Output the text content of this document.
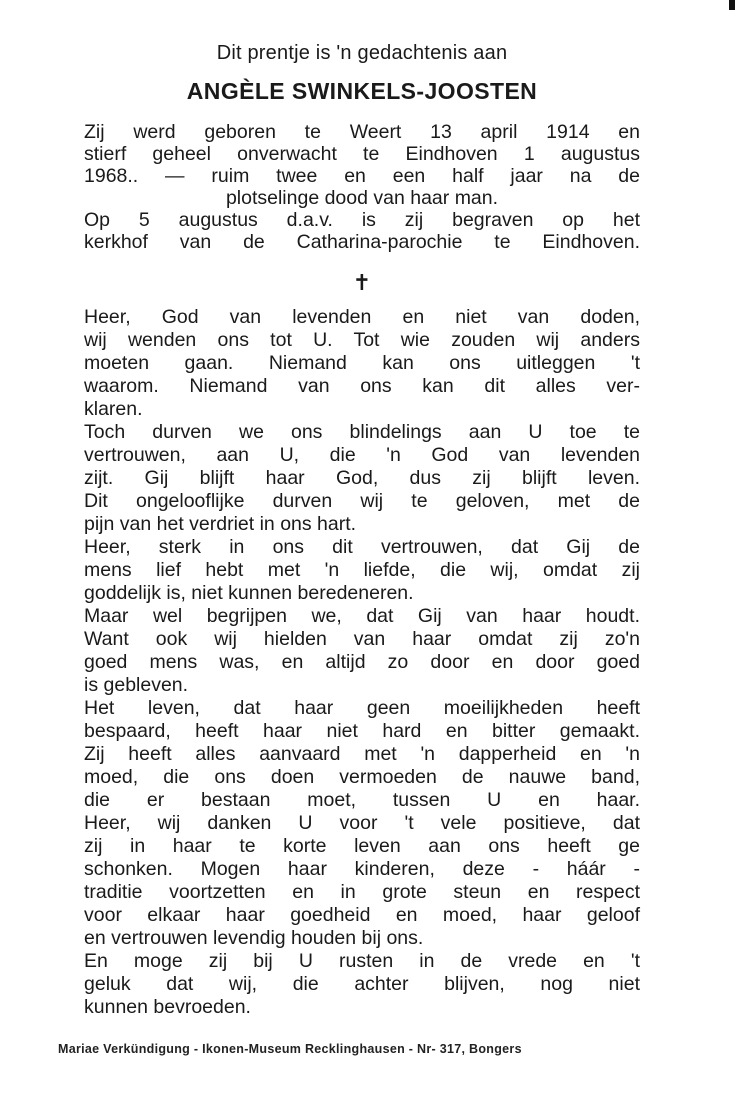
Dit prentje is 'n gedachtenis aan
ANGÈLE SWINKELS-JOOSTEN
Zij werd geboren te Weert 13 april 1914 en
stierf geheel onverwacht te Eindhoven 1 augustus
1968.. — ruim twee en een half jaar na de
plotselinge dood van haar man.
Op 5 augustus d.a.v. is zij begraven op het
kerkhof van de Catharina-parochie te Eindhoven.
✝
Heer, God van levenden en niet van doden,
wij wenden ons tot U. Tot wie zouden wij anders
moeten gaan. Niemand kan ons uitleggen 't
waarom. Niemand van ons kan dit alles ver-
klaren.
Toch durven we ons blindelings aan U toe te
vertrouwen, aan U, die 'n God van levenden
zijt. Gij blijft haar God, dus zij blijft leven.
Dit ongelooflijke durven wij te geloven, met de
pijn van het verdriet in ons hart.
Heer, sterk in ons dit vertrouwen, dat Gij de
mens lief hebt met 'n liefde, die wij, omdat zij
goddelijk is, niet kunnen beredeneren.
Maar wel begrijpen we, dat Gij van haar houdt.
Want ook wij hielden van haar omdat zij zo'n
goed mens was, en altijd zo door en door goed
is gebleven.
Het leven, dat haar geen moeilijkheden heeft
bespaard, heeft haar niet hard en bitter gemaakt.
Zij heeft alles aanvaard met 'n dapperheid en 'n
moed, die ons doen vermoeden de nauwe band,
die er bestaan moet, tussen U en haar.
Heer, wij danken U voor 't vele positieve, dat
zij in haar te korte leven aan ons heeft ge
schonken. Mogen haar kinderen, deze - háár -
traditie voortzetten en in grote steun en respect
voor elkaar haar goedheid en moed, haar geloof
en vertrouwen levendig houden bij ons.
En moge zij bij U rusten in de vrede en 't
geluk dat wij, die achter blijven, nog niet
kunnen bevroeden.
Mariae Verkündigung - Ikonen-Museum Recklinghausen - Nr- 317, Bongers
